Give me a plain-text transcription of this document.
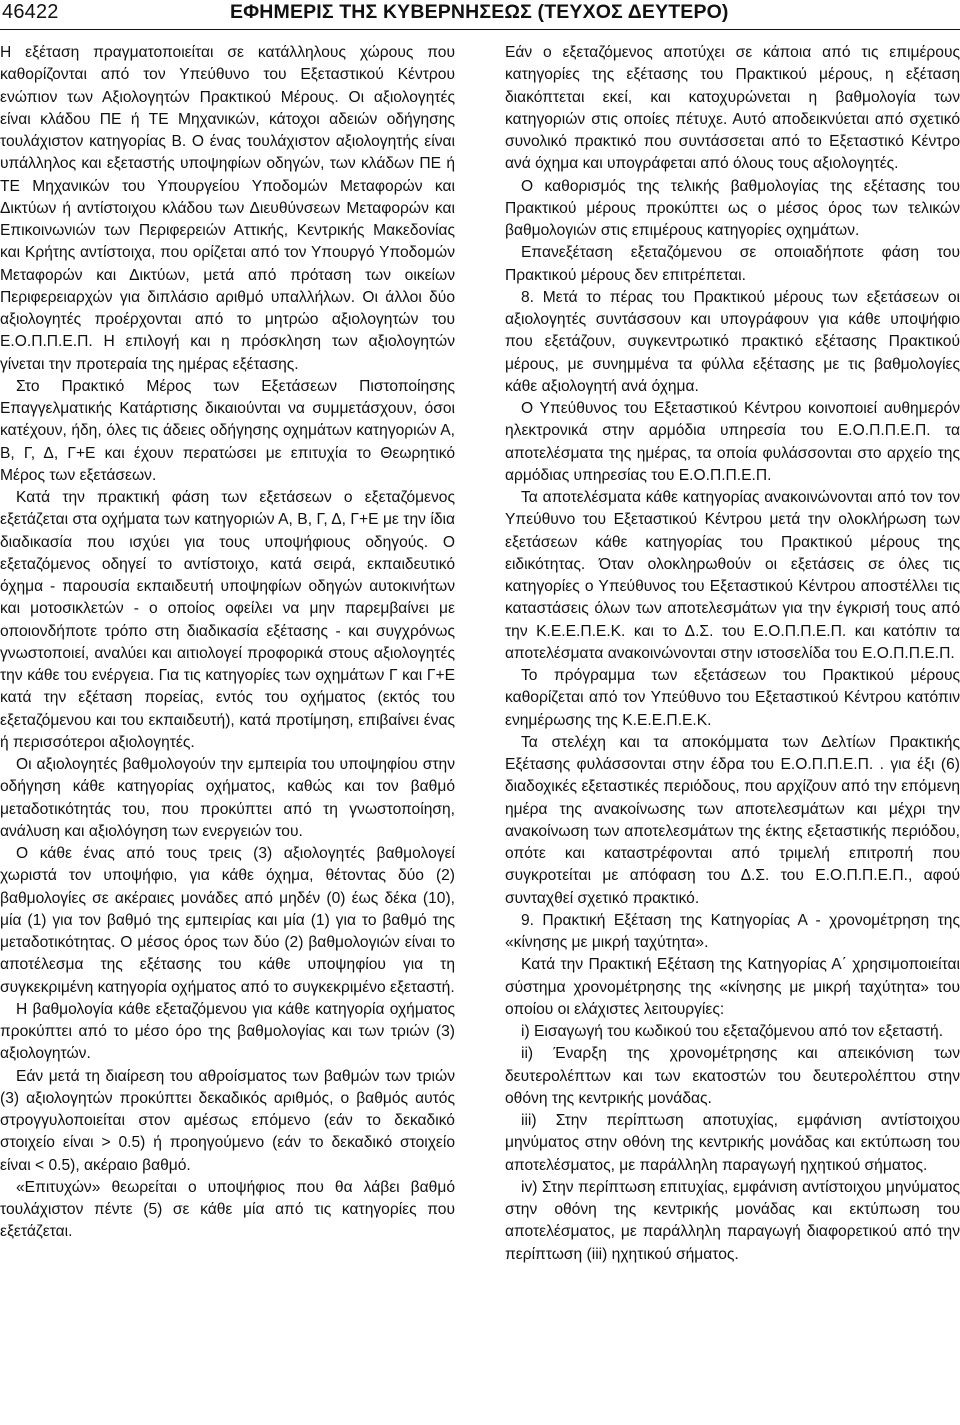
46422	ΕΦΗΜΕΡΙΣ ΤΗΣ ΚΥΒΕΡΝΗΣΕΩΣ (ΤΕΥΧΟΣ ΔΕΥΤΕΡΟ)

Η εξέταση πραγματοποιείται σε κατάλληλους χώρους που καθορίζονται από τον Υπεύθυνο του Εξεταστικού Κέντρου ενώπιον των Αξιολογητών Πρακτικού Μέρους. Οι αξιολογητές είναι κλάδου ΠΕ ή ΤΕ Μηχανικών, κάτοχοι αδειών οδήγησης τουλάχιστον κατηγορίας Β. Ο ένας τουλάχιστον αξιολογητής είναι υπάλληλος και εξεταστής υποψηφίων οδηγών, των κλάδων ΠΕ ή ΤΕ Μηχανικών του Υπουργείου Υποδομών Μεταφορών και Δικτύων ή αντίστοιχου κλάδου των Διευθύνσεων Μεταφορών και Επικοινωνιών των Περιφερειών Αττικής, Κεντρικής Μακεδονίας και Κρήτης αντίστοιχα, που ορίζεται από τον Υπουργό Υποδομών Μεταφορών και Δικτύων, μετά από πρόταση των οικείων Περιφερειαρχών για διπλάσιο αριθμό υπαλλήλων. Οι άλλοι δύο αξιολογητές προέρχονται από το μητρώο αξιολογητών του Ε.Ο.Π.Π.Ε.Π. Η επιλογή και η πρόσκληση των αξιολογητών γίνεται την προτεραία της ημέρας εξέτασης.

Στο Πρακτικό Μέρος των Εξετάσεων Πιστοποίησης Επαγγελματικής Κατάρτισης δικαιούνται να συμμετάσχουν, όσοι κατέχουν, ήδη, όλες τις άδειες οδήγησης οχημάτων κατηγοριών Α, Β, Γ, Δ, Γ+Ε και έχουν περατώσει με επιτυχία το Θεωρητικό Μέρος των εξετάσεων.

Κατά την πρακτική φάση των εξετάσεων ο εξεταζόμενος εξετάζεται στα οχήματα των κατηγοριών Α, Β, Γ, Δ, Γ+Ε με την ίδια διαδικασία που ισχύει για τους υποψήφιους οδηγούς. Ο εξεταζόμενος οδηγεί το αντίστοιχο, κατά σειρά, εκπαιδευτικό όχημα - παρουσία εκπαιδευτή υποψηφίων οδηγών αυτοκινήτων και μοτοσικλετών - ο οποίος οφείλει να μην παρεμβαίνει με οποιονδήποτε τρόπο στη διαδικασία εξέτασης - και συγχρόνως γνωστοποιεί, αναλύει και αιτιολογεί προφορικά στους αξιολογητές την κάθε του ενέργεια. Για τις κατηγορίες των οχημάτων Γ και Γ+Ε κατά την εξέταση πορείας, εντός του οχήματος (εκτός του εξεταζόμενου και του εκπαιδευτή), κατά προτίμηση, επιβαίνει ένας ή περισσότεροι αξιολογητές.

Οι αξιολογητές βαθμολογούν την εμπειρία του υποψηφίου στην οδήγηση κάθε κατηγορίας οχήματος, καθώς και τον βαθμό μεταδοτικότητάς του, που προκύπτει από τη γνωστοποίηση, ανάλυση και αξιολόγηση των ενεργειών του.

Ο κάθε ένας από τους τρεις (3) αξιολογητές βαθμολογεί χωριστά τον υποψήφιο, για κάθε όχημα, θέτοντας δύο (2) βαθμολογίες σε ακέραιες μονάδες από μηδέν (0) έως δέκα (10), μία (1) για τον βαθμό της εμπειρίας και μία (1) για το βαθμό της μεταδοτικότητας. Ο μέσος όρος των δύο (2) βαθμολογιών είναι το αποτέλεσμα της εξέτασης του κάθε υποψηφίου για τη συγκεκριμένη κατηγορία οχήματος από το συγκεκριμένο εξεταστή.

Η βαθμολογία κάθε εξεταζόμενου για κάθε κατηγορία οχήματος προκύπτει από το μέσο όρο της βαθμολογίας και των τριών (3) αξιολογητών.

Εάν μετά τη διαίρεση του αθροίσματος των βαθμών των τριών (3) αξιολογητών προκύπτει δεκαδικός αριθμός, ο βαθμός αυτός στρογγυλοποιείται στον αμέσως επόμενο (εάν το δεκαδικό στοιχείο είναι > 0.5) ή προηγούμενο (εάν το δεκαδικό στοιχείο είναι < 0.5), ακέραιο βαθμό.

«Επιτυχών» θεωρείται ο υποψήφιος που θα λάβει βαθμό τουλάχιστον πέντε (5) σε κάθε μία από τις κατηγορίες που εξετάζεται.

Εάν ο εξεταζόμενος αποτύχει σε κάποια από τις επιμέρους κατηγορίες της εξέτασης του Πρακτικού μέρους, η εξέταση διακόπτεται εκεί, και κατοχυρώνεται η βαθμολογία των κατηγοριών στις οποίες πέτυχε. Αυτό αποδεικνύεται από σχετικό συνολικό πρακτικό που συντάσσεται από το Εξεταστικό Κέντρο ανά όχημα και υπογράφεται από όλους τους αξιολογητές.

Ο καθορισμός της τελικής βαθμολογίας της εξέτασης του Πρακτικού μέρους προκύπτει ως ο μέσος όρος των τελικών βαθμολογιών στις επιμέρους κατηγορίες οχημάτων.

Επανεξέταση εξεταζόμενου σε οποιαδήποτε φάση του Πρακτικού μέρους δεν επιτρέπεται.

8. Μετά το πέρας του Πρακτικού μέρους των εξετάσεων οι αξιολογητές συντάσσουν και υπογράφουν για κάθε υποψήφιο που εξετάζουν, συγκεντρωτικό πρακτικό εξέτασης Πρακτικού μέρους, με συνημμένα τα φύλλα εξέτασης με τις βαθμολογίες κάθε αξιολογητή ανά όχημα.

Ο Υπεύθυνος του Εξεταστικού Κέντρου κοινοποιεί αυθημερόν ηλεκτρονικά στην αρμόδια υπηρεσία του Ε.Ο.Π.Π.Ε.Π. τα αποτελέσματα της ημέρας, τα οποία φυλάσσονται στο αρχείο της αρμόδιας υπηρεσίας του Ε.Ο.Π.Π.Ε.Π.

Τα αποτελέσματα κάθε κατηγορίας ανακοινώνονται από τον τον Υπεύθυνο του Εξεταστικού Κέντρου μετά την ολοκλήρωση των εξετάσεων κάθε κατηγορίας του Πρακτικού μέρους της ειδικότητας. Όταν ολοκληρωθούν οι εξετάσεις σε όλες τις κατηγορίες ο Υπεύθυνος του Εξεταστικού Κέντρου αποστέλλει τις καταστάσεις όλων των αποτελεσμάτων για την έγκρισή τους από την Κ.Ε.Ε.Π.Ε.Κ. και το Δ.Σ. του Ε.Ο.Π.Π.Ε.Π. και κατόπιν τα αποτελέσματα ανακοινώνονται στην ιστοσελίδα του Ε.Ο.Π.Π.Ε.Π.

Το πρόγραμμα των εξετάσεων του Πρακτικού μέρους καθορίζεται από τον Υπεύθυνο του Εξεταστικού Κέντρου κατόπιν ενημέρωσης της Κ.Ε.Ε.Π.Ε.Κ.

Τα στελέχη και τα αποκόμματα των Δελτίων Πρακτικής Εξέτασης φυλάσσονται στην έδρα του Ε.Ο.Π.Π.Ε.Π. . για έξι (6) διαδοχικές εξεταστικές περιόδους, που αρχίζουν από την επόμενη ημέρα της ανακοίνωσης των αποτελεσμάτων και μέχρι την ανακοίνωση των αποτελεσμάτων της έκτης εξεταστικής περιόδου, οπότε και καταστρέφονται από τριμελή επιτροπή που συγκροτείται με απόφαση του Δ.Σ. του Ε.Ο.Π.Π.Ε.Π., αφού συνταχθεί σχετικό πρακτικό.

9. Πρακτική Εξέταση της Κατηγορίας Α - χρονομέτρηση της «κίνησης με μικρή ταχύτητα».

Κατά την Πρακτική Εξέταση της Κατηγορίας Α΄ χρησιμοποιείται σύστημα χρονομέτρησης της «κίνησης με μικρή ταχύτητα» του οποίου οι ελάχιστες λειτουργίες:

i) Εισαγωγή του κωδικού του εξεταζόμενου από τον εξεταστή.

ii) Έναρξη της χρονομέτρησης και απεικόνιση των δευτερολέπτων και των εκατοστών του δευτερολέπτου στην οθόνη της κεντρικής μονάδας.

iii) Στην περίπτωση αποτυχίας, εμφάνιση αντίστοιχου μηνύματος στην οθόνη της κεντρικής μονάδας και εκτύπωση του αποτελέσματος, με παράλληλη παραγωγή ηχητικού σήματος.

iv) Στην περίπτωση επιτυχίας, εμφάνιση αντίστοιχου μηνύματος στην οθόνη της κεντρικής μονάδας και εκτύπωση του αποτελέσματος, με παράλληλη παραγωγή διαφορετικού από την περίπτωση (iii) ηχητικού σήματος.
